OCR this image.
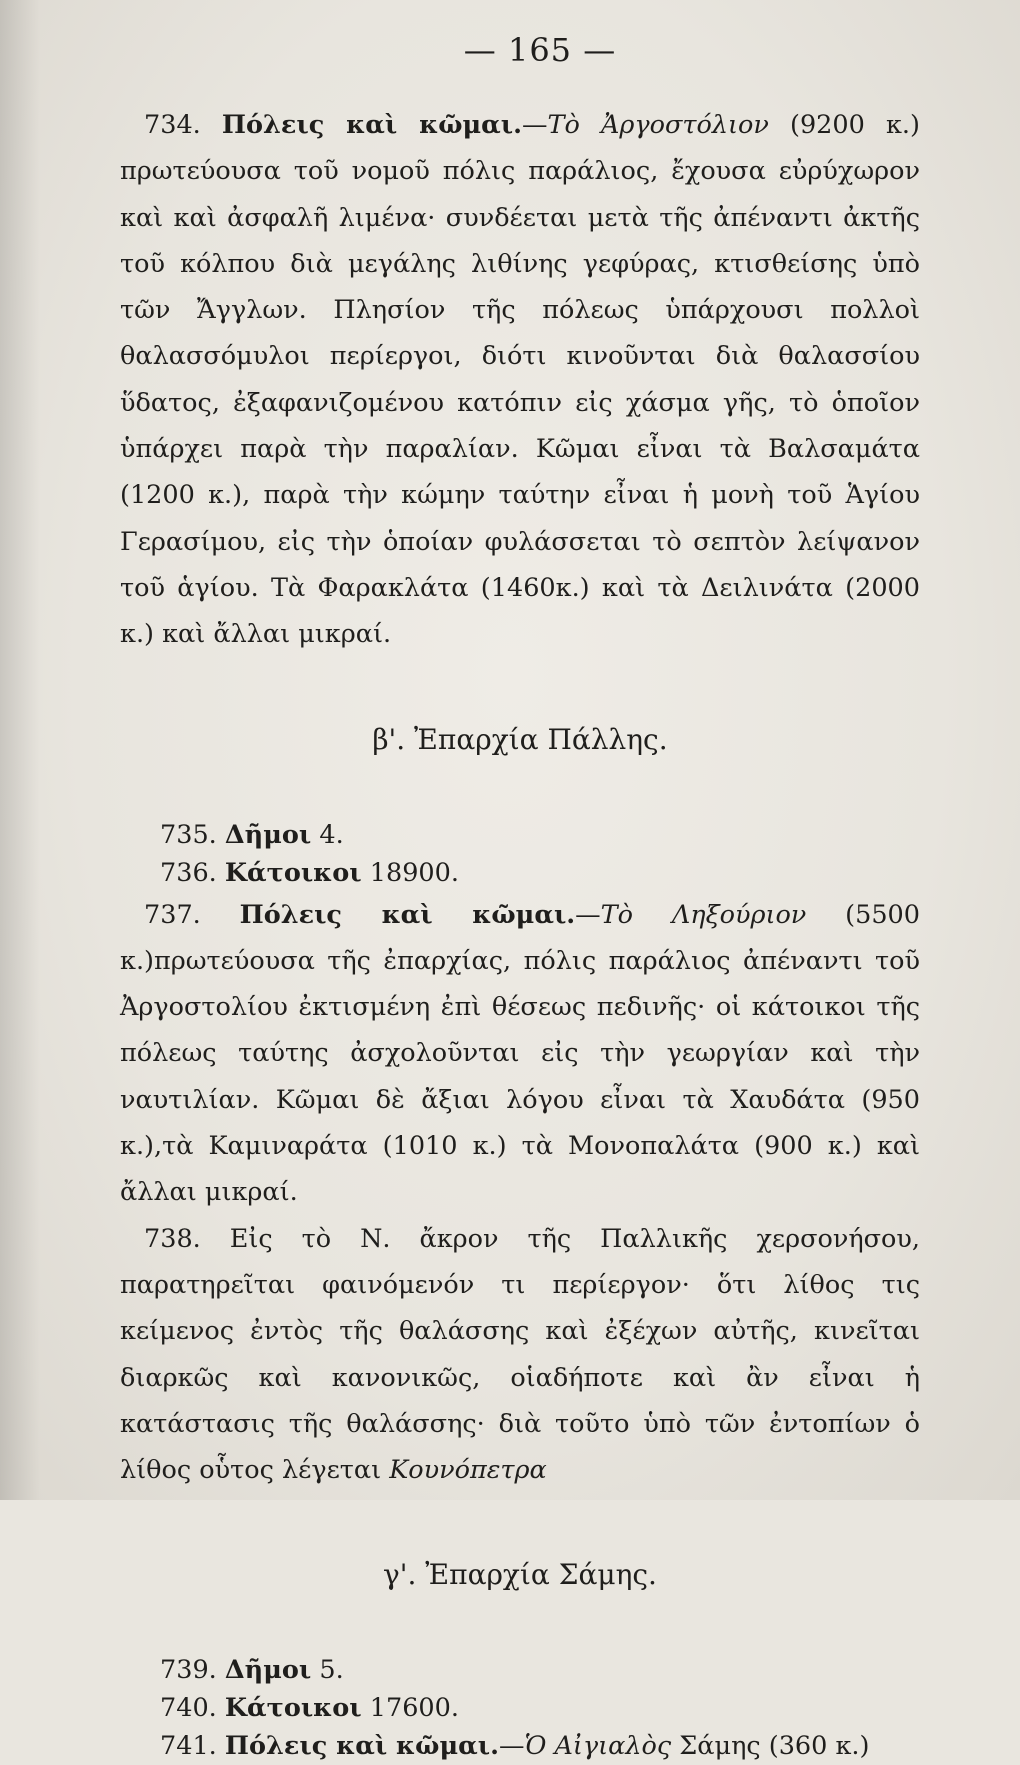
— 165 —

734. Πόλεις καὶ κῶμαι.—Τὸ Ἀργοστόλιον (9200 κ.) πρωτεύουσα τοῦ νομοῦ πόλις παράλιος, ἔχουσα εὐρύχωρον καὶ καὶ ἀσφαλῆ λιμένα· συνδέεται μετὰ τῆς ἀπέναντι ἀκτῆς τοῦ κόλπου διὰ μεγάλης λιθίνης γεφύρας, κτισθείσης ὑπὸ τῶν Ἄγγλων. Πλησίον τῆς πόλεως ὑπάρχουσι πολλοὶ θαλασσόμυλοι περίεργοι, διότι κινοῦνται διὰ θαλασσίου ὕδατος, ἐξαφανιζομένου κατόπιν εἰς χάσμα γῆς, τὸ ὁποῖον ὑπάρχει παρὰ τὴν παραλίαν. Κῶμαι εἶναι τὰ Βαλσαμάτα (1200 κ.), παρὰ τὴν κώμην ταύτην εἶναι ἡ μονὴ τοῦ Ἁγίου Γερασίμου, εἰς τὴν ὁποίαν φυλάσσεται τὸ σεπτὸν λείψανον τοῦ ἁγίου. Τὰ Φαρακλάτα (1460κ.) καὶ τὰ Δειλινάτα (2000 κ.) καὶ ἄλλαι μικραί.

β'. Ἐπαρχία Πάλλης.
735. Δῆμοι 4.
736. Κάτοικοι 18900.

737. Πόλεις καὶ κῶμαι.—Τὸ Ληξούριον (5500 κ.)πρωτεύουσα τῆς ἐπαρχίας, πόλις παράλιος ἀπέναντι τοῦ Ἀργοστολίου ἐκτισμένη ἐπὶ θέσεως πεδινῆς· οἱ κάτοικοι τῆς πόλεως ταύτης ἀσχολοῦνται εἰς τὴν γεωργίαν καὶ τὴν ναυτιλίαν. Κῶμαι δὲ ἄξιαι λόγου εἶναι τὰ Χαυδάτα (950 κ.),τὰ Καμιναράτα (1010 κ.) τὰ Μονοπαλάτα (900 κ.) καὶ ἄλλαι μικραί.

738. Εἰς τὸ Ν. ἄκρον τῆς Παλλικῆς χερσονήσου, παρατηρεῖται φαινόμενόν τι περίεργον· ὅτι λίθος τις κείμενος ἐντὸς τῆς θαλάσσης καὶ ἐξέχων αὐτῆς, κινεῖται διαρκῶς καὶ κανονικῶς, οἱαδήποτε καὶ ἂν εἶναι ἡ κατάστασις τῆς θαλάσσης· διὰ τοῦτο ὑπὸ τῶν ἐντοπίων ὁ λίθος οὗτος λέγεται Κουνόπετρα

γ'. Ἐπαρχία Σάμης.
739. Δῆμοι 5.
740. Κάτοικοι 17600.
741. Πόλεις καὶ κῶμαι.—Ὁ Αἰγιαλὸς Σάμης (360 κ.)
